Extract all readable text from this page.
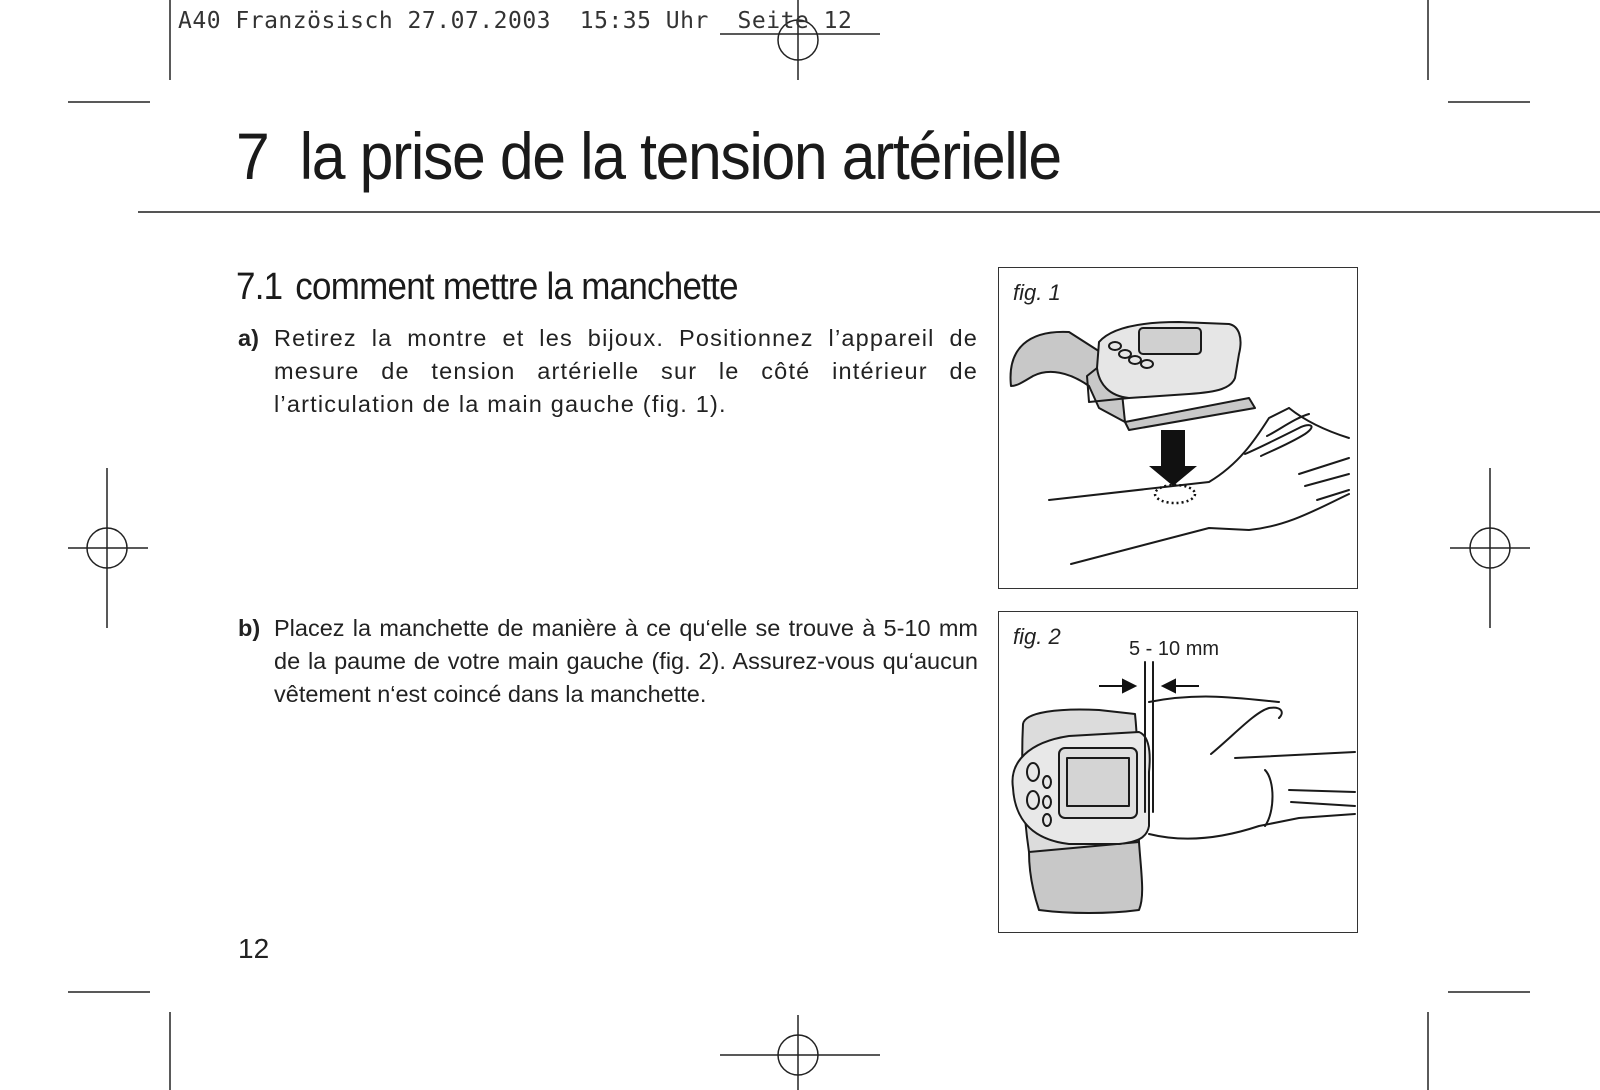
A40 Französisch 27.07.2003  15:35 Uhr  Seite 12
7 la prise de la tension artérielle
7.1 comment mettre la manchette
a) Retirez la montre et les bijoux. Positionnez l’appareil de mesure de tension artérielle sur le côté intérieur de l’articulation de la main gauche (fig. 1).
b) Placez la manchette de manière à ce qu‘elle se trouve à 5-10 mm de la paume de votre main gauche (fig. 2). Assurez-vous qu‘aucun vêtement n‘est coincé dans la manchette.
fig. 1
fig. 2	5 - 10 mm
12
